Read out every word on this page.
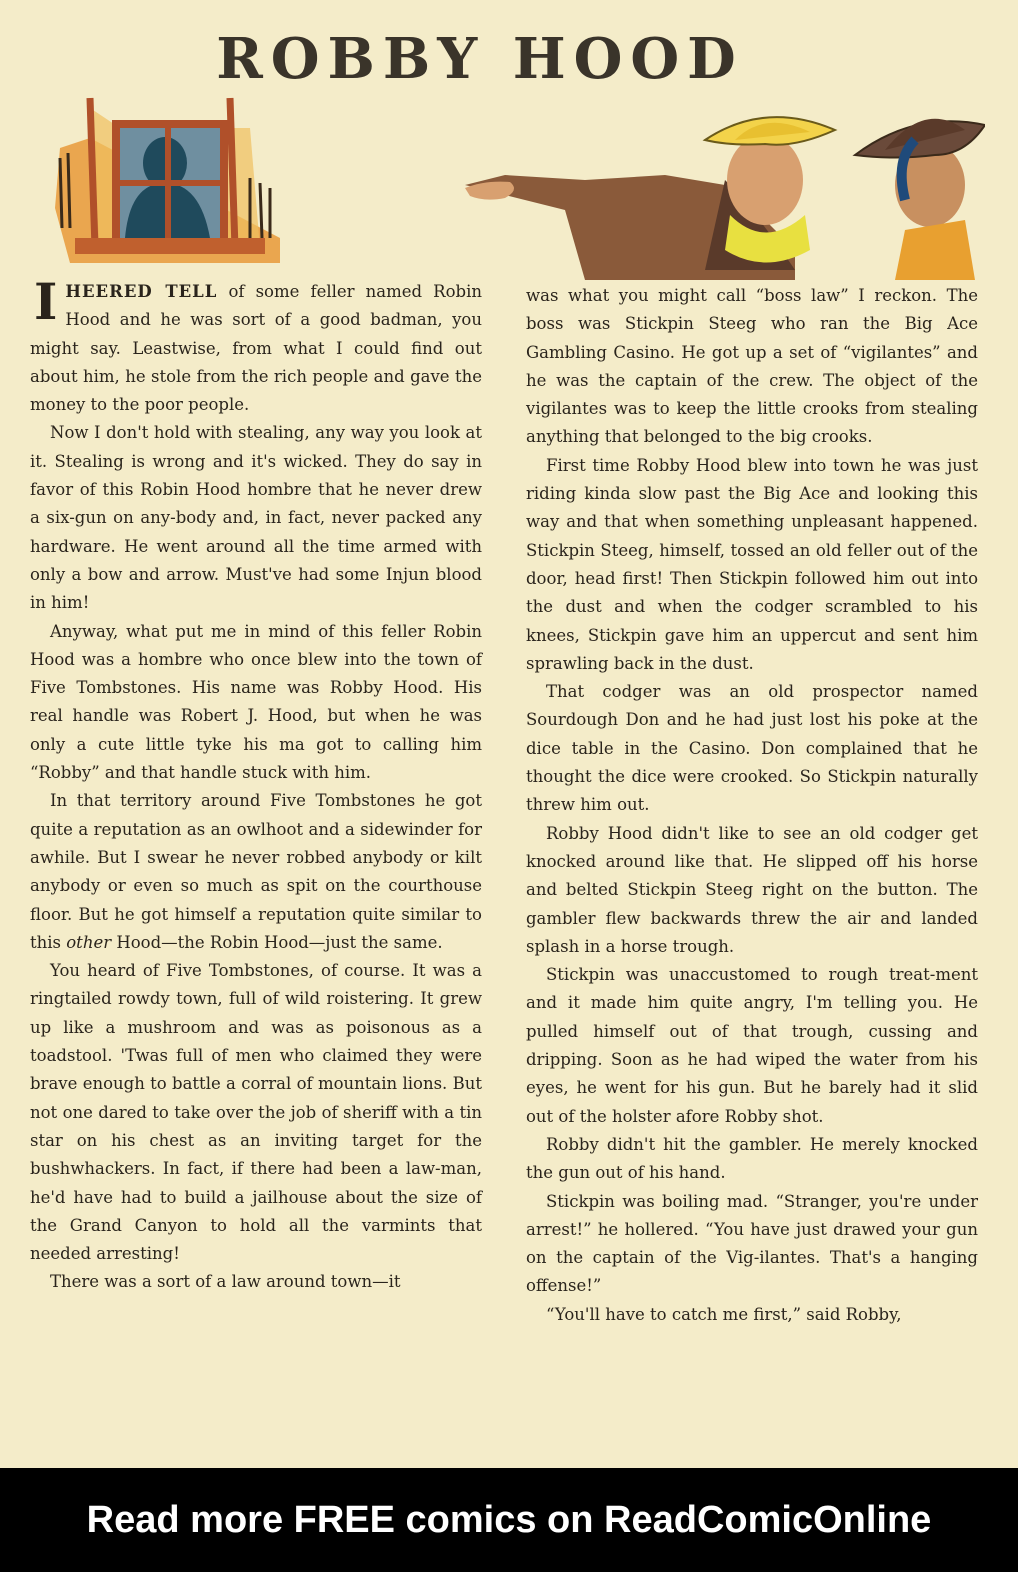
ROBBY HOOD

IHEERED TELL of some feller named Robin Hood and he was sort of a good badman, you might say. Leastwise, from what I could find out about him, he stole from the rich people and gave the money to the poor people.

Now I don't hold with stealing, any way you look at it. Stealing is wrong and it's wicked. They do say in favor of this Robin Hood hombre that he never drew a six-gun on any-body and, in fact, never packed any hardware. He went around all the time armed with only a bow and arrow. Must've had some Injun blood in him!

Anyway, what put me in mind of this feller Robin Hood was a hombre who once blew into the town of Five Tombstones. His name was Robby Hood. His real handle was Robert J. Hood, but when he was only a cute little tyke his ma got to calling him “Robby” and that handle stuck with him.

In that territory around Five Tombstones he got quite a reputation as an owlhoot and a sidewinder for awhile. But I swear he never robbed anybody or kilt anybody or even so much as spit on the courthouse floor. But he got himself a reputation quite similar to this other Hood—the Robin Hood—just the same.

You heard of Five Tombstones, of course. It was a ringtailed rowdy town, full of wild roistering. It grew up like a mushroom and was as poisonous as a toadstool. 'Twas full of men who claimed they were brave enough to battle a corral of mountain lions. But not one dared to take over the job of sheriff with a tin star on his chest as an inviting target for the bushwhackers. In fact, if there had been a law-man, he'd have had to build a jailhouse about the size of the Grand Canyon to hold all the varmints that needed arresting!

There was a sort of a law around town—it

was what you might call “boss law” I reckon. The boss was Stickpin Steeg who ran the Big Ace Gambling Casino. He got up a set of “vigilantes” and he was the captain of the crew. The object of the vigilantes was to keep the little crooks from stealing anything that belonged to the big crooks.

First time Robby Hood blew into town he was just riding kinda slow past the Big Ace and looking this way and that when something unpleasant happened. Stickpin Steeg, himself, tossed an old feller out of the door, head first! Then Stickpin followed him out into the dust and when the codger scrambled to his knees, Stickpin gave him an uppercut and sent him sprawling back in the dust.

That codger was an old prospector named Sourdough Don and he had just lost his poke at the dice table in the Casino. Don complained that he thought the dice were crooked. So Stickpin naturally threw him out.

Robby Hood didn't like to see an old codger get knocked around like that. He slipped off his horse and belted Stickpin Steeg right on the button. The gambler flew backwards threw the air and landed splash in a horse trough.

Stickpin was unaccustomed to rough treat-ment and it made him quite angry, I'm telling you. He pulled himself out of that trough, cussing and dripping. Soon as he had wiped the water from his eyes, he went for his gun. But he barely had it slid out of the holster afore Robby shot.

Robby didn't hit the gambler. He merely knocked the gun out of his hand.

Stickpin was boiling mad. “Stranger, you're under arrest!” he hollered. “You have just drawed your gun on the captain of the Vig-ilantes. That's a hanging offense!”

“You'll have to catch me first,” said Robby,

Read more FREE comics on ReadComicOnline
